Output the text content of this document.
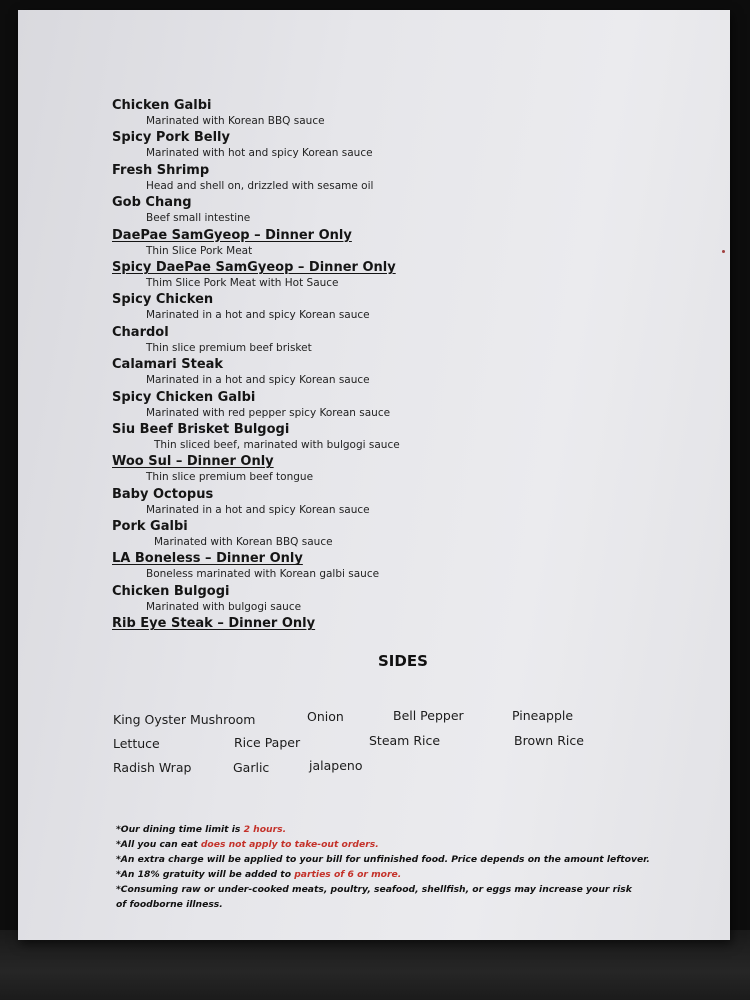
Chicken Galbi
Marinated with Korean BBQ sauce
Spicy Pork Belly
Marinated with hot and spicy Korean sauce
Fresh Shrimp
Head and shell on, drizzled with sesame oil
Gob Chang
Beef small intestine
DaePae SamGyeop – Dinner Only
Thin Slice Pork Meat
Spicy DaePae SamGyeop – Dinner Only
Thim Slice Pork Meat with Hot Sauce
Spicy Chicken
Marinated in a hot and spicy Korean sauce
Chardol
Thin slice premium beef brisket
Calamari Steak
Marinated in a hot and spicy Korean sauce
Spicy Chicken Galbi
Marinated with red pepper spicy Korean sauce
Siu Beef Brisket Bulgogi
Thin sliced beef, marinated with bulgogi sauce
Woo Sul – Dinner Only
Thin slice premium beef tongue
Baby Octopus
Marinated in a hot and spicy Korean sauce
Pork Galbi
Marinated with Korean BBQ sauce
LA Boneless – Dinner Only
Boneless marinated with Korean galbi sauce
Chicken Bulgogi
Marinated with bulgogi sauce
Rib Eye Steak – Dinner Only
SIDES
King Oyster Mushroom	Onion	Bell Pepper	Pineapple
Lettuce	Rice Paper	Steam Rice	Brown Rice
Radish Wrap	Garlic	jalapeno
*Our dining time limit is 2 hours.
*All you can eat does not apply to take-out orders.
*An extra charge will be applied to your bill for unfinished food. Price depends on the amount leftover.
*An 18% gratuity will be added to parties of 6 or more.
*Consuming raw or under-cooked meats, poultry, seafood, shellfish, or eggs may increase your risk of foodborne illness.
